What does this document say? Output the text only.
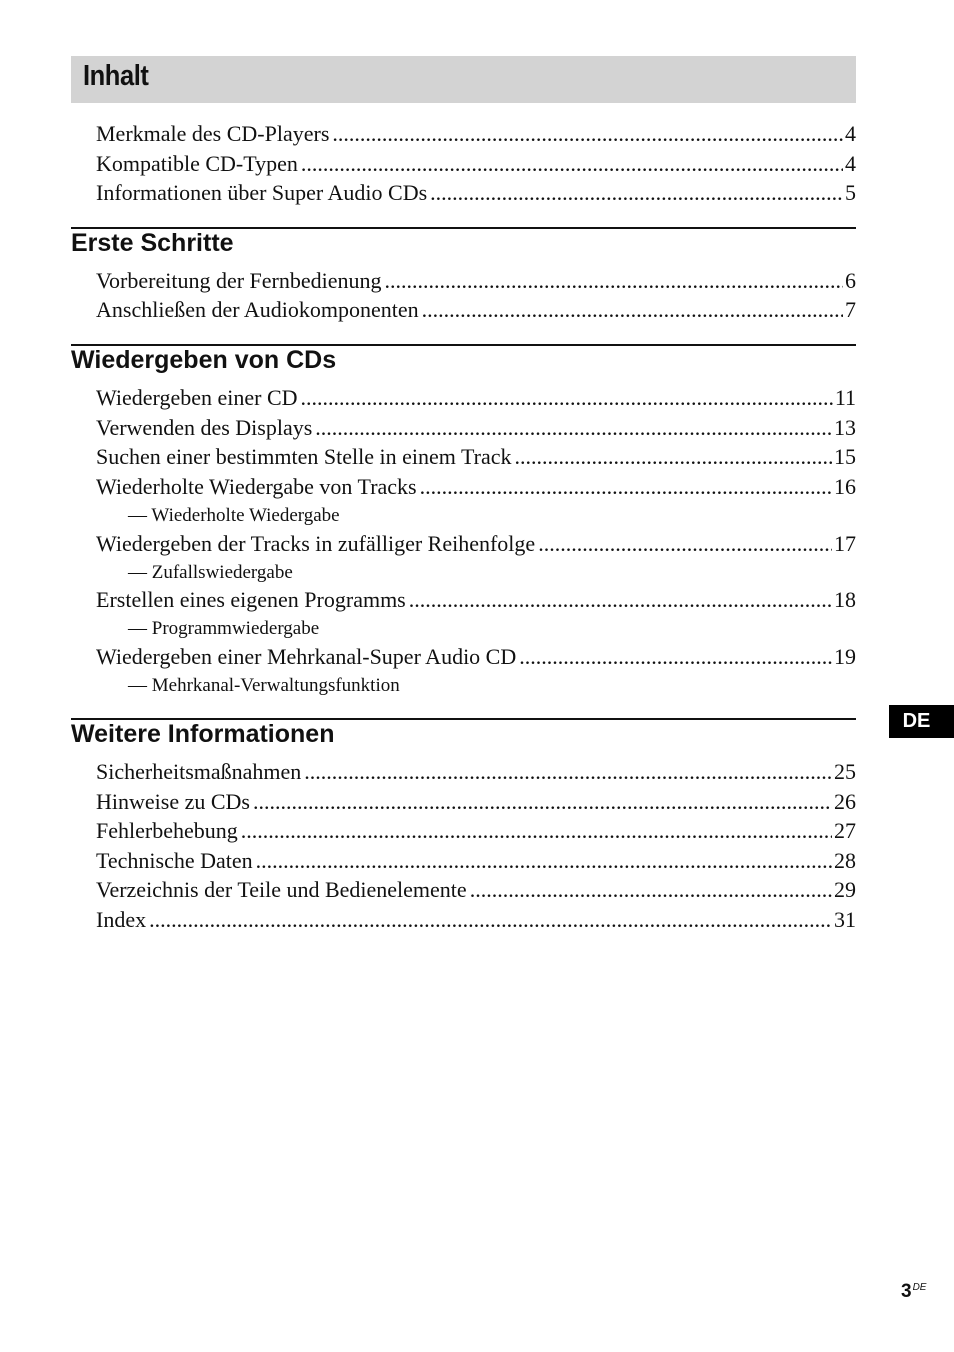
Inhalt
Merkmale des CD-Players .....	4
Kompatible CD-Typen .....	4
Informationen über Super Audio CDs .....	5
Erste Schritte
Vorbereitung der Fernbedienung .....	6
Anschließen der Audiokomponenten .....	7
Wiedergeben von CDs
Wiedergeben einer CD .....	11
Verwenden des Displays .....	13
Suchen einer bestimmten Stelle in einem Track .....	15
Wiederholte Wiedergabe von Tracks .....	16
— Wiederholte Wiedergabe
Wiedergeben der Tracks in zufälliger Reihenfolge .....	17
— Zufallswiedergabe
Erstellen eines eigenen Programms .....	18
— Programmwiedergabe
Wiedergeben einer Mehrkanal-Super Audio CD .....	19
— Mehrkanal-Verwaltungsfunktion
Weitere Informationen
Sicherheitsmaßnahmen .....	25
Hinweise zu CDs .....	26
Fehlerbehebung .....	27
Technische Daten .....	28
Verzeichnis der Teile und Bedienelemente .....	29
Index .....	31
DE
3DE
